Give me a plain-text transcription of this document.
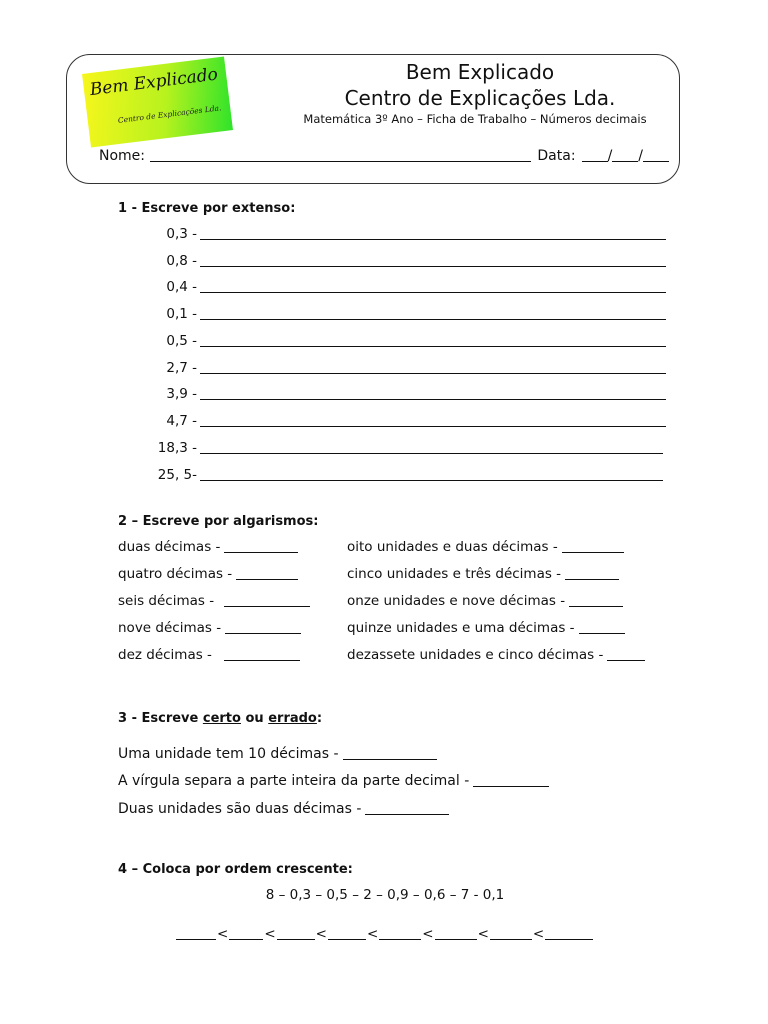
Bem Explicado
Centro de Explicações Lda.
Bem Explicado
Centro de Explicações Lda.
Matemática 3º Ano – Ficha de Trabalho – Números decimais
Nome:	Data: / /
1 - Escreve por extenso:
0,3 -
0,8 -
0,4 -
0,1 -
0,5 -
2,7 -
3,9 -
4,7 -
18,3 -
25, 5-
2 – Escreve por algarismos:
duas décimas -
quatro décimas -
seis décimas -
nove décimas -
dez décimas -
oito unidades e duas décimas -
cinco unidades e três décimas -
onze unidades e nove décimas -
quinze unidades e uma décimas -
dezassete unidades e cinco décimas -
3 - Escreve certo ou errado:
Uma unidade tem 10 décimas -
A vírgula separa a parte inteira da parte decimal -
Duas unidades são duas décimas -
4 – Coloca por ordem crescente:
8 – 0,3 – 0,5 – 2 – 0,9 – 0,6 – 7 - 0,1
<	<	<	<	<	<	<
